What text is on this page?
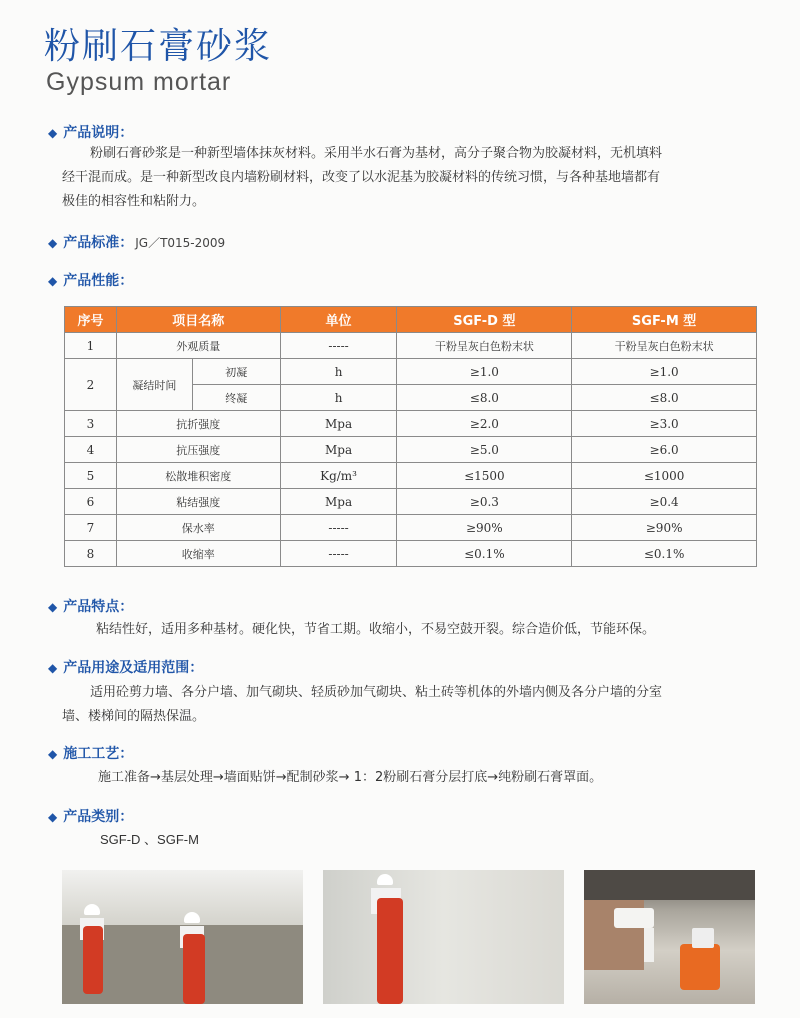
粉刷石膏砂浆
Gypsum mortar
◆ 产品说明：
粉刷石膏砂浆是一种新型墙体抹灰材料。采用半水石膏为基材，高分子聚合物为胶凝材料，无机填料
经干混而成。是一种新型改良内墙粉刷材料，改变了以水泥基为胶凝材料的传统习惯，与各种基地墙都有
极佳的相容性和粘附力。
◆ 产品标准： JG／T015-2009
◆ 产品性能：
序号	项目名称		单位	SGF-D 型	SGF-M 型
1	外观质量		-----	干粉呈灰白色粉末状	干粉呈灰白色粉末状
2	凝结时间	初凝	h	≥1.0	≥1.0
		终凝	h	≤8.0	≤8.0
3	抗折强度		Mpa	≥2.0	≥3.0
4	抗压强度		Mpa	≥5.0	≥6.0
5	松散堆积密度		Kg/m³	≤1500	≤1000
6	粘结强度		Mpa	≥0.3	≥0.4
7	保水率		-----	≥90%	≥90%
8	收缩率		-----	≤0.1%	≤0.1%
◆ 产品特点：
粘结性好，适用多种基材。硬化快，节省工期。收缩小，不易空鼓开裂。综合造价低，节能环保。
◆ 产品用途及适用范围：
适用砼剪力墙、各分户墙、加气砌块、轻质砂加气砌块、粘土砖等机体的外墙内侧及各分户墙的分室
墙、楼梯间的隔热保温。
◆ 施工工艺：
施工准备→基层处理→墙面贴饼→配制砂浆→ 1：2粉刷石膏分层打底→纯粉刷石膏罩面。
◆ 产品类别：
SGF-D 、SGF-M
